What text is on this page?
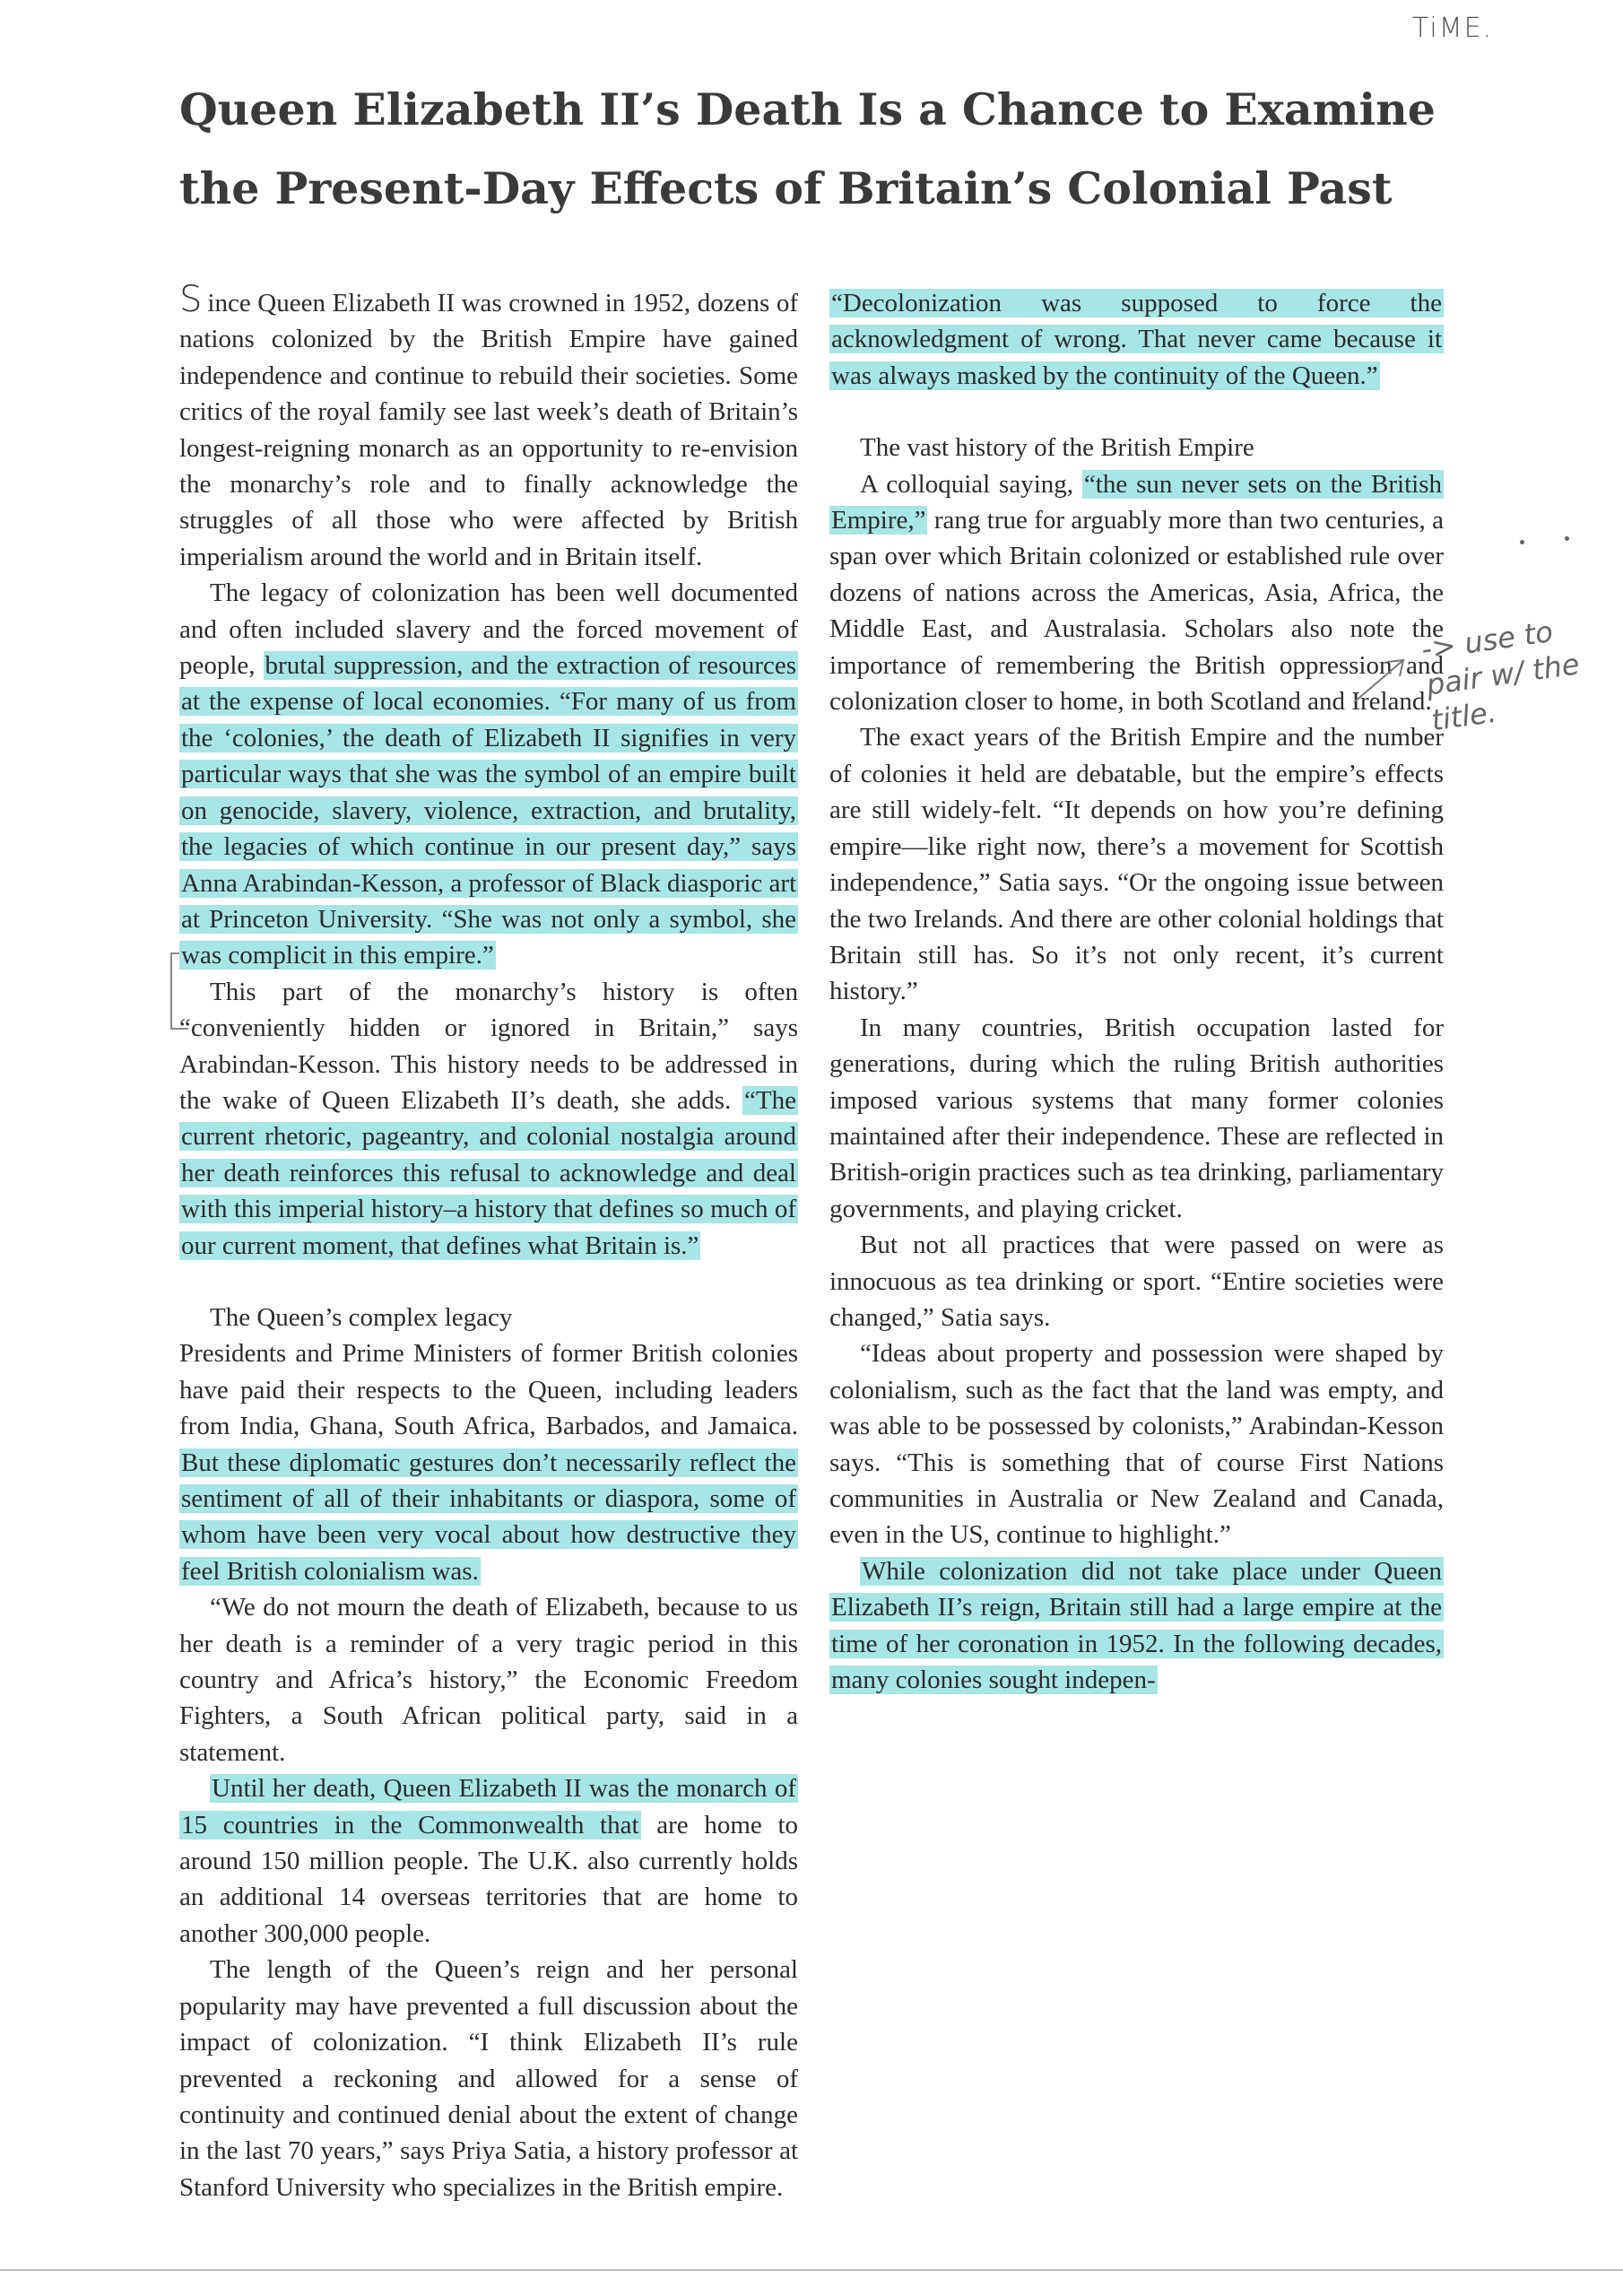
TiME.
Queen Elizabeth II’s Death Is a Chance to Examine the Present-Day Effects of Britain’s Colonial Past

S ince Queen Elizabeth II was crowned in 1952, dozens of nations colonized by the British Empire have gained independence and continue to rebuild their societies. Some critics of the royal family see last week’s death of Britain’s longest-reigning monarch as an opportunity to re-envision the monarchy’s role and to finally acknowledge the struggles of all those who were affected by British imperialism around the world and in Britain itself.

The legacy of colonization has been well documented and often included slavery and the forced movement of people, brutal suppression, and the extraction of resources at the expense of local economies. “For many of us from the ‘colonies,’ the death of Elizabeth II signifies in very particular ways that she was the symbol of an empire built on genocide, slavery, violence, extraction, and brutality, the legacies of which continue in our present day,” says Anna Arabindan-Kesson, a professor of Black diasporic art at Princeton University. “She was not only a symbol, she was complicit in this empire.”

This part of the monarchy’s history is often “conveniently hidden or ignored in Britain,” says Arabindan-Kesson. This history needs to be addressed in the wake of Queen Elizabeth II’s death, she adds. “The current rhetoric, pageantry, and colonial nostalgia around her death reinforces this refusal to acknowledge and deal with this imperial history–a history that defines so much of our current moment, that defines what Britain is.”

The Queen’s complex legacy

Presidents and Prime Ministers of former British colonies have paid their respects to the Queen, including leaders from India, Ghana, South Africa, Barbados, and Jamaica. But these diplomatic gestures don’t necessarily reflect the sentiment of all of their inhabitants or diaspora, some of whom have been very vocal about how destructive they feel British colonialism was.

“We do not mourn the death of Elizabeth, because to us her death is a reminder of a very tragic period in this country and Africa’s history,” the Economic Freedom Fighters, a South African political party, said in a statement.

Until her death, Queen Elizabeth II was the monarch of 15 countries in the Commonwealth that are home to around 150 million people. The U.K. also currently holds an additional 14 overseas territories that are home to another 300,000 people.

The length of the Queen’s reign and her personal popularity may have prevented a full discussion about the impact of colonization. “I think Elizabeth II’s rule prevented a reckoning and allowed for a sense of continuity and continued denial about the extent of change in the last 70 years,” says Priya Satia, a history professor at Stanford University who specializes in the British empire.

“Decolonization was supposed to force the acknowledgment of wrong. That never came because it was always masked by the continuity of the Queen.”

The vast history of the British Empire

A colloquial saying, “the sun never sets on the British Empire,” rang true for arguably more than two centuries, a span over which Britain colonized or established rule over dozens of nations across the Americas, Asia, Africa, the Middle East, and Australasia. Scholars also note the importance of remembering the British oppression and colonization closer to home, in both Scotland and Ireland.

The exact years of the British Empire and the number of colonies it held are debatable, but the empire’s effects are still widely-felt. “It depends on how you’re defining empire—like right now, there’s a movement for Scottish independence,” Satia says. “Or the ongoing issue between the two Irelands. And there are other colonial holdings that Britain still has. So it’s not only recent, it’s current history.”

In many countries, British occupation lasted for generations, during which the ruling British authorities imposed various systems that many former colonies maintained after their independence. These are reflected in British-origin practices such as tea drinking, parliamentary governments, and playing cricket.

But not all practices that were passed on were as innocuous as tea drinking or sport. “Entire societies were changed,” Satia says.

“Ideas about property and possession were shaped by colonialism, such as the fact that the land was empty, and was able to be possessed by colonists,” Arabindan-Kesson says. “This is something that of course First Nations communities in Australia or New Zealand and Canada, even in the US, continue to highlight.”

While colonization did not take place under Queen Elizabeth II’s reign, Britain still had a large empire at the time of her coronation in 1952. In the following decades, many colonies sought indepen-

-> use to pair w/ the title.
